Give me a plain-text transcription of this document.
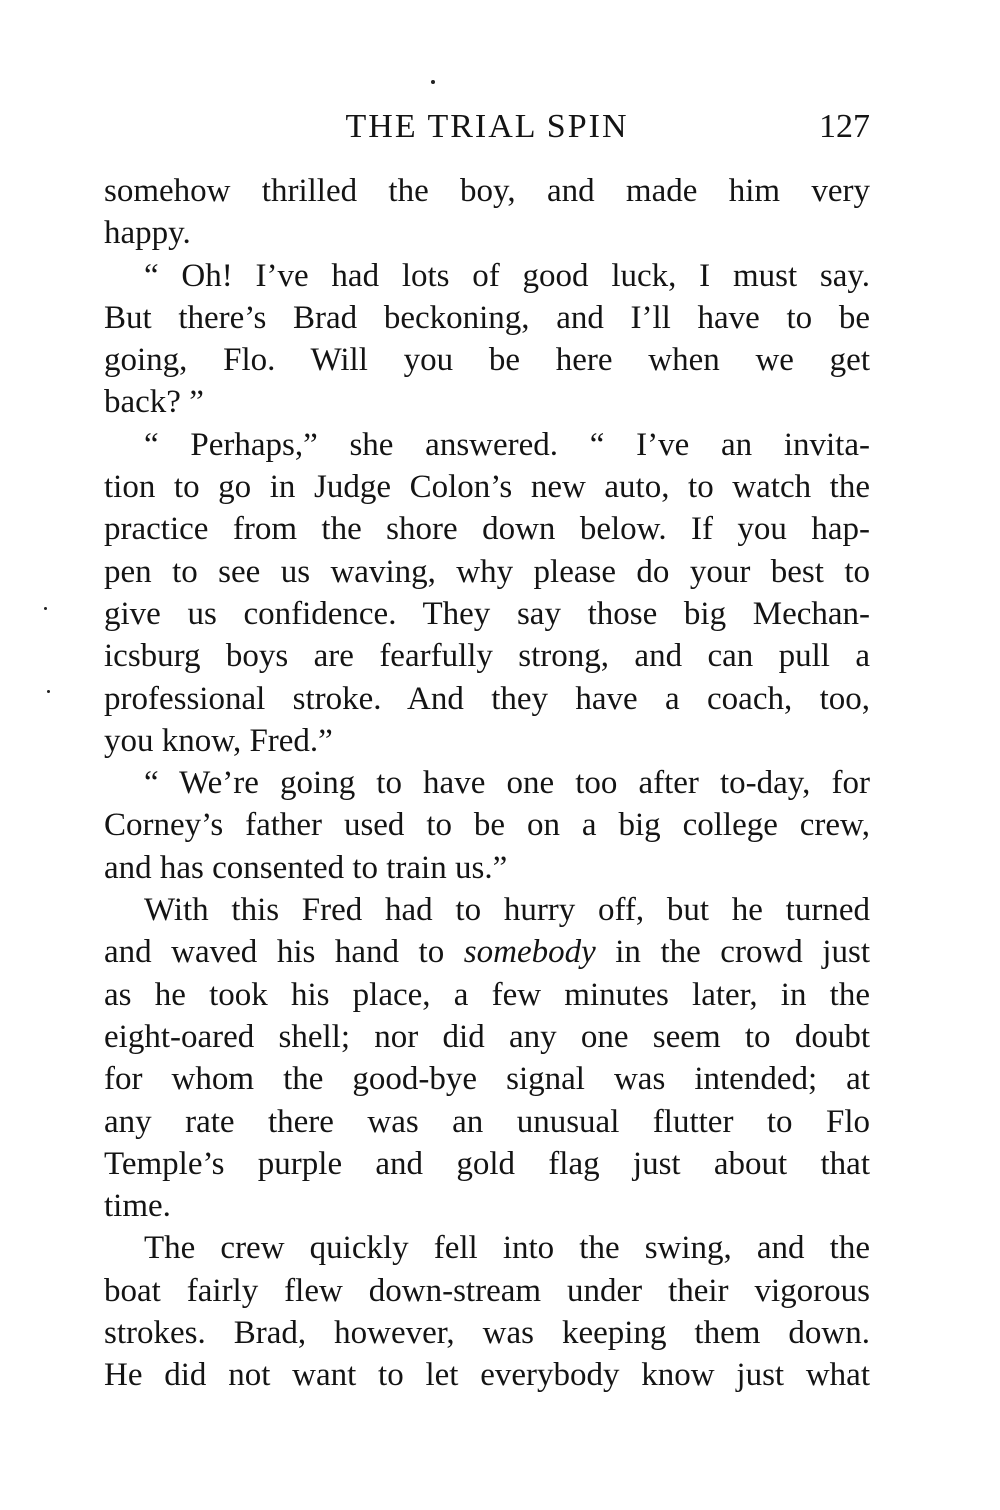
THE TRIAL SPIN	127

somehow thrilled the boy, and made him very
happy.

“ Oh! I’ve had lots of good luck, I must say.
But there’s Brad beckoning, and I’ll have to be
going, Flo. Will you be here when we get
back? ”

“ Perhaps,” she answered. “ I’ve an invita-
tion to go in Judge Colon’s new auto, to watch the
practice from the shore down below. If you hap-
pen to see us waving, why please do your best to
give us confidence. They say those big Mechan-
icsburg boys are fearfully strong, and can pull a
professional stroke. And they have a coach, too,
you know, Fred.”

“ We’re going to have one too after to-day, for
Corney’s father used to be on a big college crew,
and has consented to train us.”

With this Fred had to hurry off, but he turned
and waved his hand to somebody in the crowd just
as he took his place, a few minutes later, in the
eight-oared shell; nor did any one seem to doubt
for whom the good-bye signal was intended; at
any rate there was an unusual flutter to Flo
Temple’s purple and gold flag just about that
time.

The crew quickly fell into the swing, and the
boat fairly flew down-stream under their vigorous
strokes. Brad, however, was keeping them down.
He did not want to let everybody know just what
